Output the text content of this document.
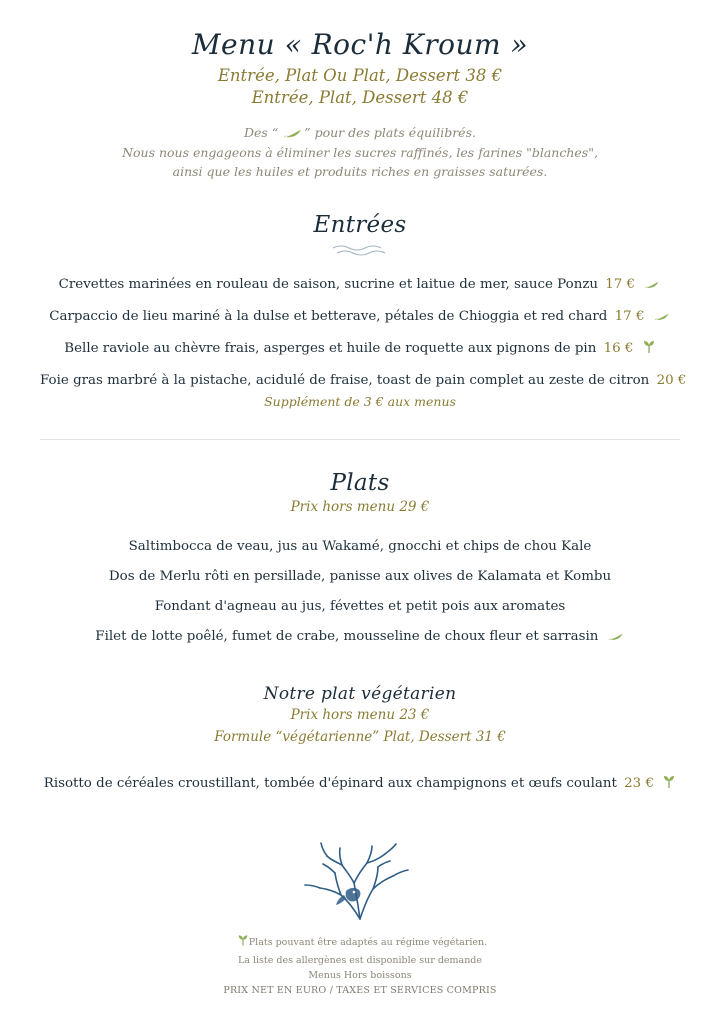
Menu « Roc'h Kroum »
Entrée, Plat Ou Plat, Dessert 38 €
Entrée, Plat, Dessert 48 €
Des “ ” pour des plats équilibrés.
Nous nous engageons à éliminer les sucres raffinés, les farines "blanches",
ainsi que les huiles et produits riches en graisses saturées.
Entrées
Crevettes marinées en rouleau de saison, sucrine et laitue de mer, sauce Ponzu 17 €
Carpaccio de lieu mariné à la dulse et betterave, pétales de Chioggia et red chard 17 €
Belle raviole au chèvre frais, asperges et huile de roquette aux pignons de pin 16 €
Foie gras marbré à la pistache, acidulé de fraise, toast de pain complet au zeste de citron 20 €
Supplément de 3 € aux menus
Plats
Prix hors menu 29 €
Saltimbocca de veau, jus au Wakamé, gnocchi et chips de chou Kale
Dos de Merlu rôti en persillade, panisse aux olives de Kalamata et Kombu
Fondant d'agneau au jus, févettes et petit pois aux aromates
Filet de lotte poêlé, fumet de crabe, mousseline de choux fleur et sarrasin
Notre plat végétarien
Prix hors menu 23 €
Formule “végétarienne” Plat, Dessert 31 €
Risotto de céréales croustillant, tombée d'épinard aux champignons et œufs coulant 23 €
Plats pouvant être adaptés au régime végétarien.
La liste des allergènes est disponible sur demande
Menus Hors boissons
PRIX NET EN EURO / TAXES ET SERVICES COMPRIS
